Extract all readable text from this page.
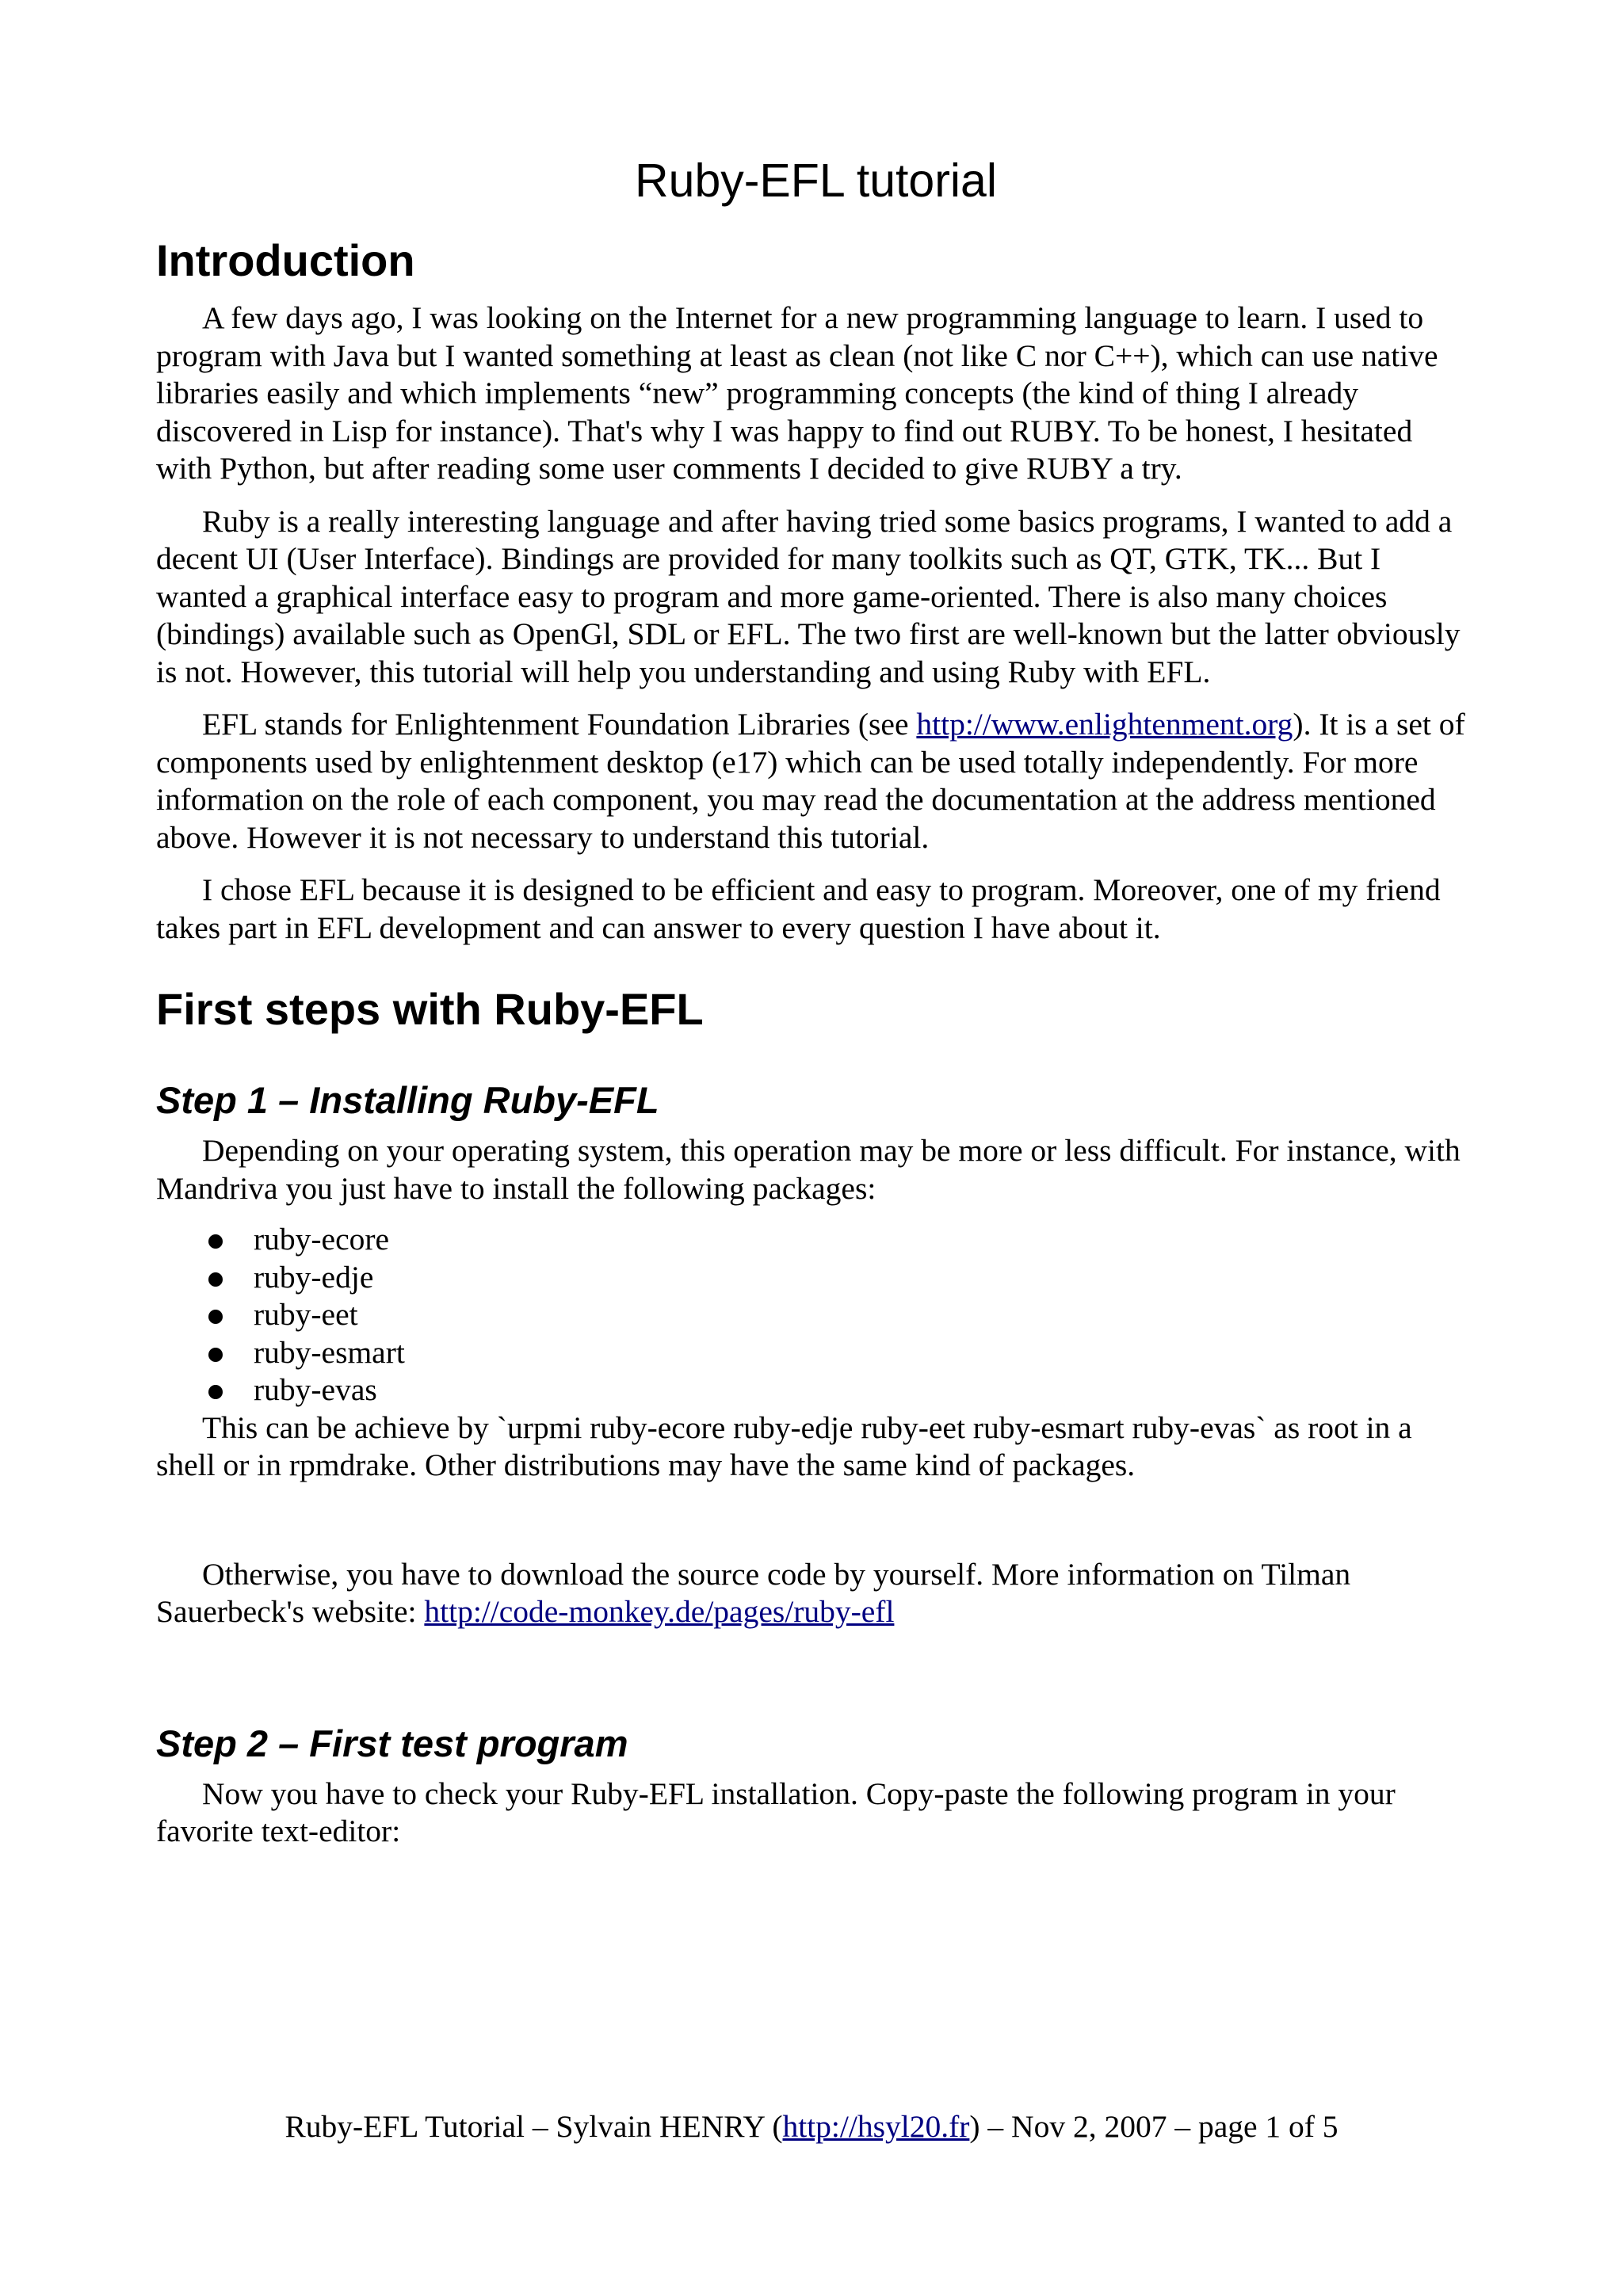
Ruby-EFL tutorial
Introduction

A few days ago, I was looking on the Internet for a new programming language to learn. I used to program with Java but I wanted something at least as clean (not like C nor C++), which can use native libraries easily and which implements “new” programming concepts (the kind of thing I already discovered in Lisp for instance). That's why I was happy to find out RUBY. To be honest, I hesitated with Python, but after reading some user comments I decided to give RUBY a try.

Ruby is a really interesting language and after having tried some basics programs, I wanted to add a decent UI (User Interface). Bindings are provided for many toolkits such as QT, GTK, TK... But I wanted a graphical interface easy to program and more game-oriented. There is also many choices (bindings) available such as OpenGl, SDL or EFL. The two first are well-known but the latter obviously is not. However, this tutorial will help you understanding and using Ruby with EFL.

EFL stands for Enlightenment Foundation Libraries (see http://www.enlightenment.org). It is a set of components used by enlightenment desktop (e17) which can be used totally independently. For more information on the role of each component, you may read the documentation at the address mentioned above. However it is not necessary to understand this tutorial.

I chose EFL because it is designed to be efficient and easy to program. Moreover, one of my friend takes part in EFL development and can answer to every question I have about it.

First steps with Ruby-EFL
Step 1 – Installing Ruby-EFL

Depending on your operating system, this operation may be more or less difficult. For instance, with Mandriva you just have to install the following packages:

ruby-ecore
ruby-edje
ruby-eet
ruby-esmart
ruby-evas

This can be achieve by `urpmi ruby-ecore ruby-edje ruby-eet ruby-esmart ruby-evas` as root in a shell or in rpmdrake. Other distributions may have the same kind of packages.

Otherwise, you have to download the source code by yourself. More information on Tilman Sauerbeck's website: http://code-monkey.de/pages/ruby-efl

Step 2 – First test program

Now you have to check your Ruby-EFL installation. Copy-paste the following program in your favorite text-editor:

Ruby-EFL Tutorial – Sylvain HENRY (http://hsyl20.fr) – Nov 2, 2007 – page 1 of 5
